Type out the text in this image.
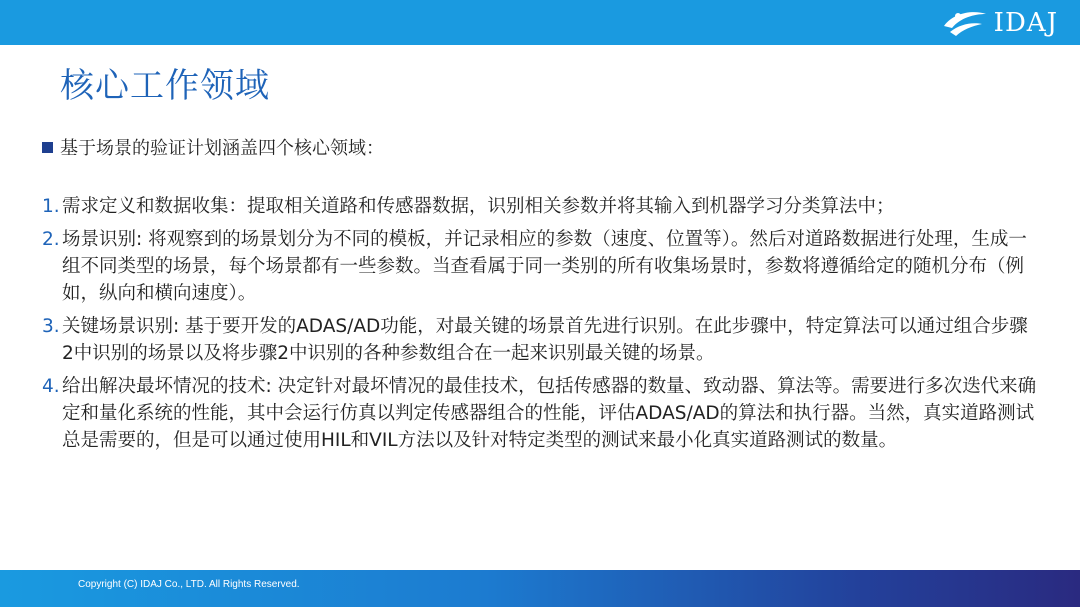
IDAJ
核心工作领域
基于场景的验证计划涵盖四个核心领域：
1. 需求定义和数据收集：提取相关道路和传感器数据，识别相关参数并将其输入到机器学习分类算法中；
2. 场景识别: 将观察到的场景划分为不同的模板，并记录相应的参数（速度、位置等）。然后对道路数据进行处理，生成一组不同类型的场景，每个场景都有一些参数。当查看属于同一类别的所有收集场景时，参数将遵循给定的随机分布（例如，纵向和横向速度）。
3. 关键场景识别: 基于要开发的ADAS/AD功能，对最关键的场景首先进行识别。在此步骤中，特定算法可以通过组合步骤2中识别的场景以及将步骤2中识别的各种参数组合在一起来识别最关键的场景。
4. 给出解决最坏情况的技术: 决定针对最坏情况的最佳技术，包括传感器的数量、致动器、算法等。需要进行多次迭代来确定和量化系统的性能，其中会运行仿真以判定传感器组合的性能，评估ADAS/AD的算法和执行器。当然，真实道路测试总是需要的，但是可以通过使用HIL和VIL方法以及针对特定类型的测试来最小化真实道路测试的数量。
Copyright (C) IDAJ Co., LTD. All Rights Reserved.
